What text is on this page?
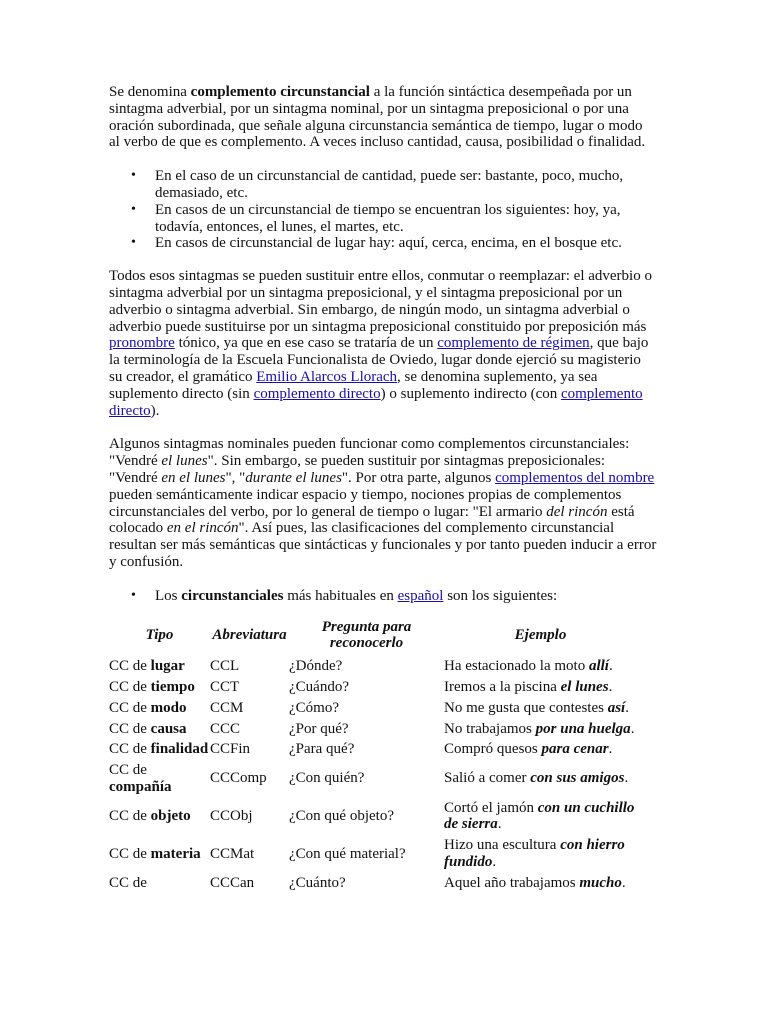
Se denomina complemento circunstancial a la función sintáctica desempeñada por un sintagma adverbial, por un sintagma nominal, por un sintagma preposicional o por una oración subordinada, que señale alguna circunstancia semántica de tiempo, lugar o modo al verbo de que es complemento. A veces incluso cantidad, causa, posibilidad o finalidad.

• En el caso de un circunstancial de cantidad, puede ser: bastante, poco, mucho, demasiado, etc.
• En casos de un circunstancial de tiempo se encuentran los siguientes: hoy, ya, todavía, entonces, el lunes, el martes, etc.
• En casos de circunstancial de lugar hay: aquí, cerca, encima, en el bosque etc.

Todos esos sintagmas se pueden sustituir entre ellos, conmutar o reemplazar: el adverbio o sintagma adverbial por un sintagma preposicional, y el sintagma preposicional por un adverbio o sintagma adverbial. Sin embargo, de ningún modo, un sintagma adverbial o adverbio puede sustituirse por un sintagma preposicional constituido por preposición más pronombre tónico, ya que en ese caso se trataría de un complemento de régimen, que bajo la terminología de la Escuela Funcionalista de Oviedo, lugar donde ejerció su magisterio su creador, el gramático Emilio Alarcos Llorach, se denomina suplemento, ya sea suplemento directo (sin complemento directo) o suplemento indirecto (con complemento directo).

Algunos sintagmas nominales pueden funcionar como complementos circunstanciales: "Vendré el lunes". Sin embargo, se pueden sustituir por sintagmas preposicionales: "Vendré en el lunes", "durante el lunes". Por otra parte, algunos complementos del nombre pueden semánticamente indicar espacio y tiempo, nociones propias de complementos circunstanciales del verbo, por lo general de tiempo o lugar: "El armario del rincón está colocado en el rincón". Así pues, las clasificaciones del complemento circunstancial resultan ser más semánticas que sintácticas y funcionales y por tanto pueden inducir a error y confusión.

• Los circunstanciales más habituales en español son los siguientes:
Tipo	Abreviatura	Pregunta para reconocerlo	Ejemplo
CC de lugar	CCL	¿Dónde?	Ha estacionado la moto allí.
CC de tiempo	CCT	¿Cuándo?	Iremos a la piscina el lunes.
CC de modo	CCM	¿Cómo?	No me gusta que contestes así.
CC de causa	CCC	¿Por qué?	No trabajamos por una huelga.
CC de finalidad	CCFin	¿Para qué?	Compró quesos para cenar.
CC de compañía	CCComp	¿Con quién?	Salió a comer con sus amigos.
CC de objeto	CCObj	¿Con qué objeto?	Cortó el jamón con un cuchillo de sierra.
CC de materia	CCMat	¿Con qué material?	Hizo una escultura con hierro fundido.
CC de	CCCan	¿Cuánto?	Aquel año trabajamos mucho.
